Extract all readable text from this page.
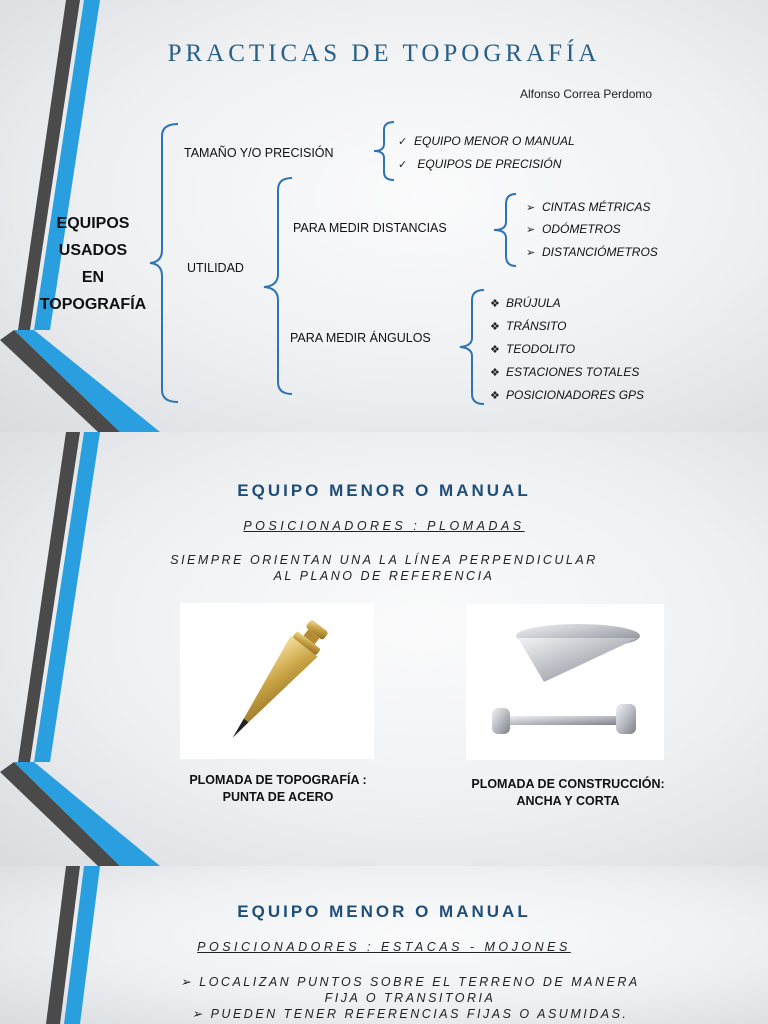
PRACTICAS DE TOPOGRAFÍA
Alfonso Correa Perdomo
EQUIPOS
USADOS
EN
TOPOGRAFÍA
TAMAÑO Y/O PRECISIÓN
✓ EQUIPO MENOR O MANUAL
✓ EQUIPOS DE PRECISIÓN
UTILIDAD
PARA MEDIR DISTANCIAS
➢ CINTAS MÉTRICAS
➢ ODÓMETROS
➢ DISTANCIÓMETROS
PARA MEDIR ÁNGULOS
❖ BRÚJULA
❖ TRÁNSITO
❖ TEODOLITO
❖ ESTACIONES TOTALES
❖ POSICIONADORES GPS
EQUIPO MENOR O MANUAL
POSICIONADORES : PLOMADAS
SIEMPRE ORIENTAN UNA LA LÍNEA PERPENDICULAR
AL PLANO DE REFERENCIA
PLOMADA DE TOPOGRAFÍA :
PUNTA DE ACERO
PLOMADA DE CONSTRUCCIÓN:
ANCHA Y CORTA
EQUIPO MENOR O MANUAL
POSICIONADORES : ESTACAS - MOJONES
➢ LOCALIZAN PUNTOS SOBRE EL TERRENO DE MANERA
FIJA O TRANSITORIA
➢ PUEDEN TENER REFERENCIAS FIJAS O ASUMIDAS.
